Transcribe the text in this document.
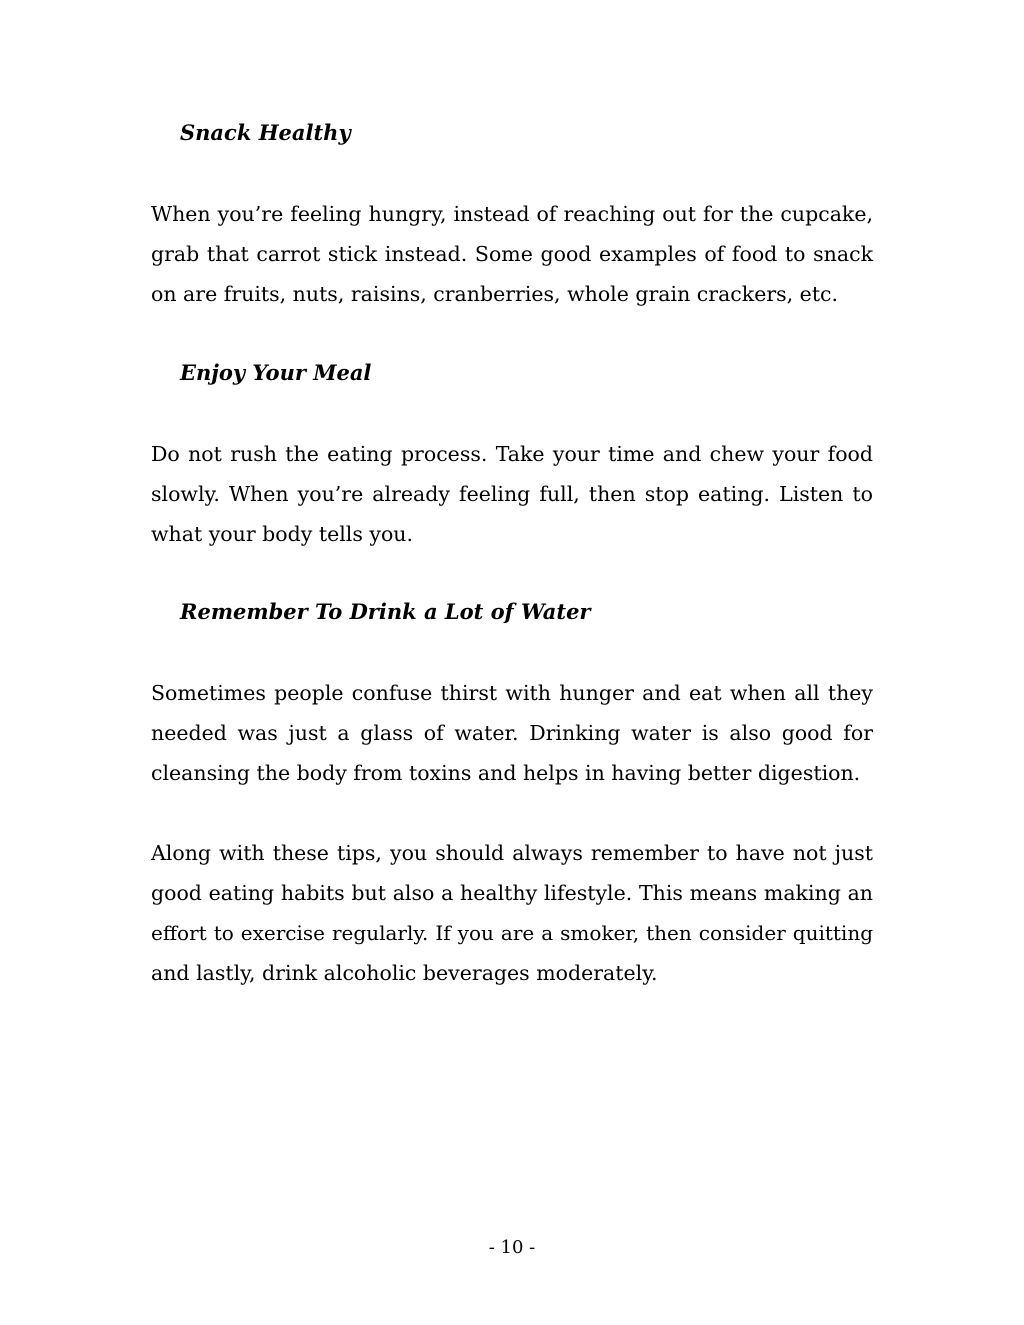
Snack Healthy

When you’re feeling hungry, instead of reaching out for the cupcake,
grab that carrot stick instead. Some good examples of food to snack
on are fruits, nuts, raisins, cranberries, whole grain crackers, etc.

Enjoy Your Meal

Do not rush the eating process. Take your time and chew your food
slowly. When you’re already feeling full, then stop eating. Listen to
what your body tells you.

Remember To Drink a Lot of Water

Sometimes people confuse thirst with hunger and eat when all they
needed was just a glass of water. Drinking water is also good for
cleansing the body from toxins and helps in having better digestion.

Along with these tips, you should always remember to have not just
good eating habits but also a healthy lifestyle. This means making an
effort to exercise regularly. If you are a smoker, then consider quitting
and lastly, drink alcoholic beverages moderately.

- 10 -
